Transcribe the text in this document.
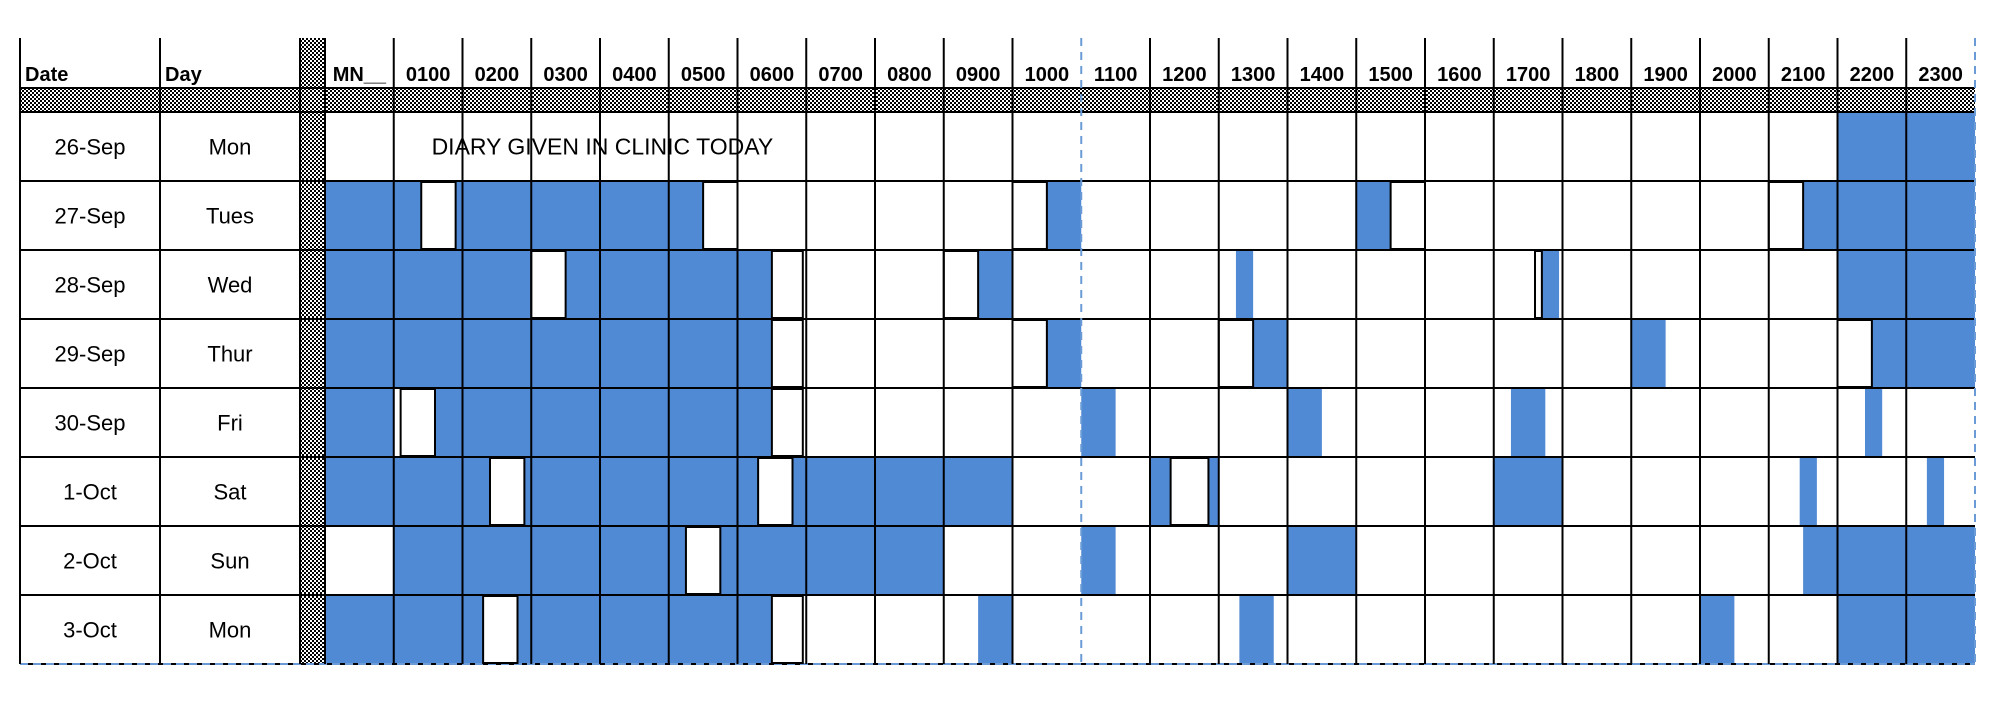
Date	Day	MN__ 0100 0200 0300 0400 0500 0600 0700 0800 0900 1000 1100 1200 1300 1400 1500 1600 1700 1800 1900 2000 2100 2200 2300
26-Sep	Mon
27-Sep	Tues
28-Sep	Wed
29-Sep	Thur
30-Sep	Fri
1-Oct	Sat
2-Oct	Sun
3-Oct	Mon
DIARY GIVEN IN CLINIC TODAY
